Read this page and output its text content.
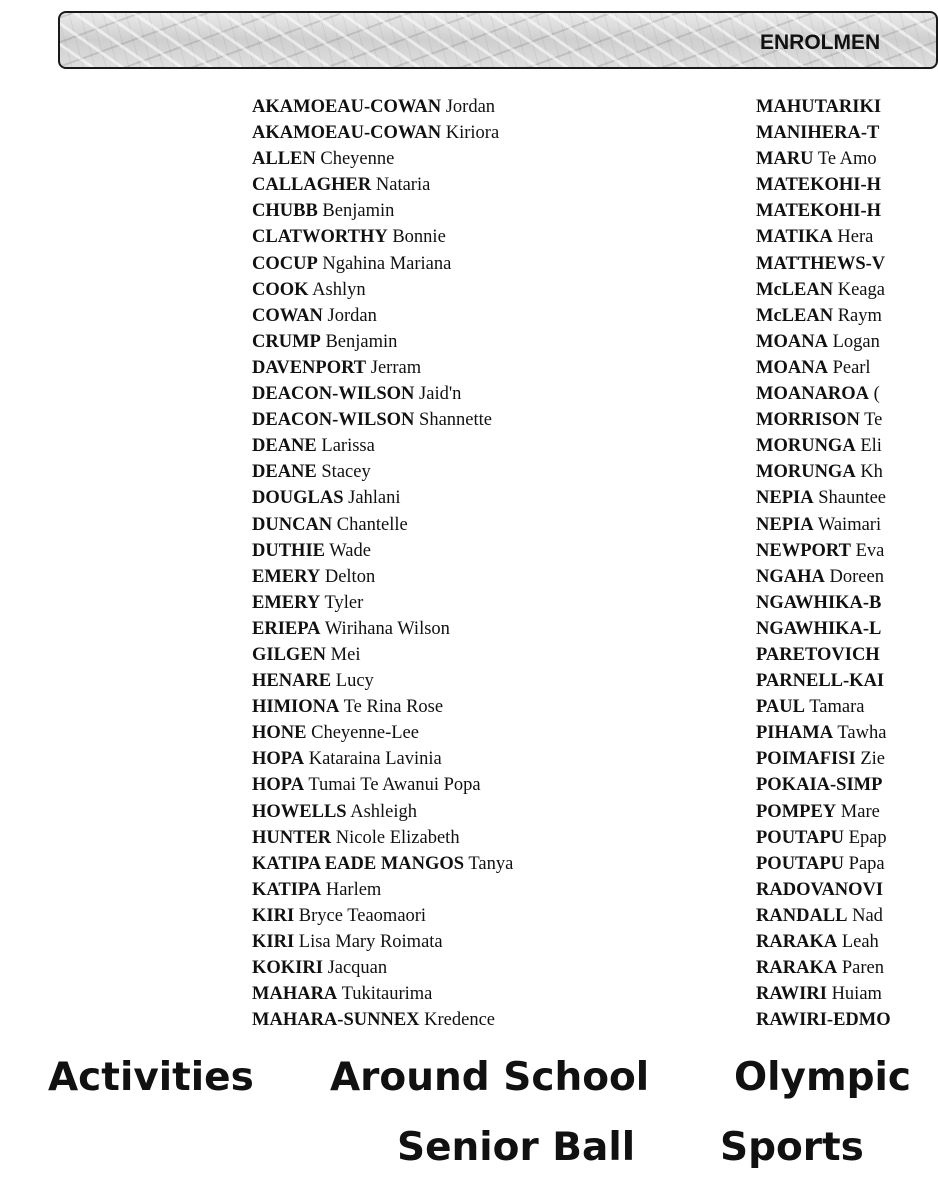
ENROLMEN
AKAMOEAU-COWAN Jordan
AKAMOEAU-COWAN Kiriora
ALLEN Cheyenne
CALLAGHER Nataria
CHUBB Benjamin
CLATWORTHY Bonnie
COCUP Ngahina Mariana
COOK Ashlyn
COWAN Jordan
CRUMP Benjamin
DAVENPORT Jerram
DEACON-WILSON Jaid'n
DEACON-WILSON Shannette
DEANE Larissa
DEANE Stacey
DOUGLAS Jahlani
DUNCAN Chantelle
DUTHIE Wade
EMERY Delton
EMERY Tyler
ERIEPA Wirihana Wilson
GILGEN Mei
HENARE Lucy
HIMIONA Te Rina Rose
HONE Cheyenne-Lee
HOPA Kataraina Lavinia
HOPA Tumai Te Awanui Popa
HOWELLS Ashleigh
HUNTER Nicole Elizabeth
KATIPA EADE MANGOS Tanya
KATIPA Harlem
KIRI Bryce Teaomaori
KIRI Lisa Mary Roimata
KOKIRI Jacquan
MAHARA Tukitaurima
MAHARA-SUNNEX Kredence
MAHUTARIKI
MANIHERA-T
MARU Te Amo
MATEKOHI-H
MATEKOHI-H
MATIKA Hera
MATTHEWS-V
McLEAN Keaga
McLEAN Raym
MOANA Logan
MOANA Pearl
MOANAROA (
MORRISON Te
MORUNGA Eli
MORUNGA Kh
NEPIA Shauntee
NEPIA Waimari
NEWPORT Eva
NGAHA Doreen
NGAWHIKA-B
NGAWHIKA-L
PARETOVICH
PARNELL-KAI
PAUL Tamara
PIHAMA Tawha
POIMAFISI Zie
POKAIA-SIMP
POMPEY Mare
POUTAPU Epap
POUTAPU Papa
RADOVANOVI
RANDALL Nad
RARAKA Leah
RARAKA Paren
RAWIRI Huiam
RAWIRI-EDMO
Activities Around School Olympic
Senior Ball Sports
